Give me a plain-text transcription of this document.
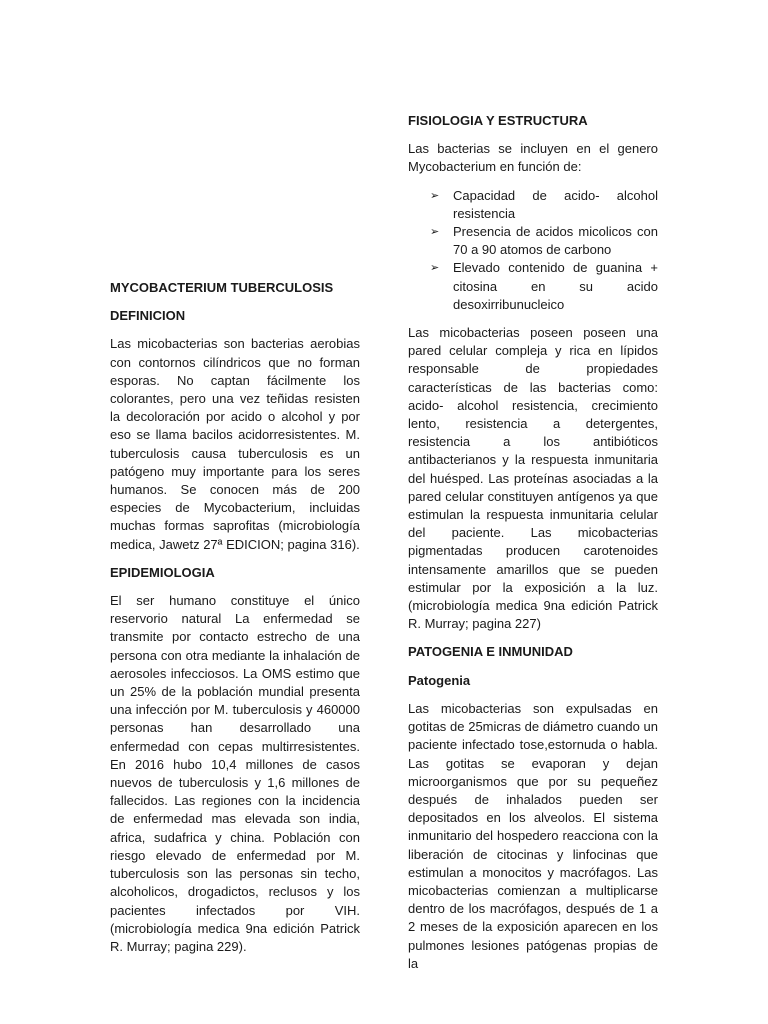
MYCOBACTERIUM TUBERCULOSIS
DEFINICION

Las micobacterias son bacterias aerobias con contornos cilíndricos que no forman esporas. No captan fácilmente los colorantes, pero una vez teñidas resisten la decoloración por acido o alcohol y por eso se llama bacilos acidorresistentes. M. tuberculosis causa tuberculosis es un patógeno muy importante para los seres humanos. Se conocen más de 200 especies de Mycobacterium, incluidas muchas formas saprofitas (microbiología medica, Jawetz 27ª EDICION; pagina 316).

EPIDEMIOLOGIA

El ser humano constituye el único reservorio natural La enfermedad se transmite por contacto estrecho de una persona con otra mediante la inhalación de aerosoles infecciosos. La OMS estimo que un 25% de la población mundial presenta una infección por M. tuberculosis y 460000 personas han desarrollado una enfermedad con cepas multirresistentes. En 2016 hubo 10,4 millones de casos nuevos de tuberculosis y 1,6 millones de fallecidos. Las regiones con la incidencia de enfermedad mas elevada son india, africa, sudafrica y china. Población con riesgo elevado de enfermedad por M. tuberculosis son las personas sin techo, alcoholicos, drogadictos, reclusos y los pacientes infectados por VIH. (microbiología medica 9na edición Patrick R. Murray; pagina 229).

FISIOLOGIA Y ESTRUCTURA

Las bacterias se incluyen en el genero Mycobacterium en función de:

➢ Capacidad de acido- alcohol resistencia
➢ Presencia de acidos micolicos con 70 a 90 atomos de carbono
➢ Elevado contenido de guanina + citosina en su acido desoxirribunucleico

Las micobacterias poseen poseen una pared celular compleja y rica en lípidos responsable de propiedades características de las bacterias como: acido- alcohol resistencia, crecimiento lento, resistencia a detergentes, resistencia a los antibióticos antibacterianos y la respuesta inmunitaria del huésped. Las proteínas asociadas a la pared celular constituyen antígenos ya que estimulan la respuesta inmunitaria celular del paciente. Las micobacterias pigmentadas producen carotenoides intensamente amarillos que se pueden estimular por la exposición a la luz. (microbiología medica 9na edición Patrick R. Murray; pagina 227)

PATOGENIA E INMUNIDAD
Patogenia

Las micobacterias son expulsadas en gotitas de 25micras de diámetro cuando un paciente infectado tose,estornuda o habla. Las gotitas se evaporan y dejan microorganismos que por su pequeñez después de inhalados pueden ser depositados en los alveolos. El sistema inmunitario del hospedero reacciona con la liberación de citocinas y linfocinas que estimulan a monocitos y macrófagos. Las micobacterias comienzan a multiplicarse dentro de los macrófagos, después de 1 a 2 meses de la exposición aparecen en los pulmones lesiones patógenas propias de la
